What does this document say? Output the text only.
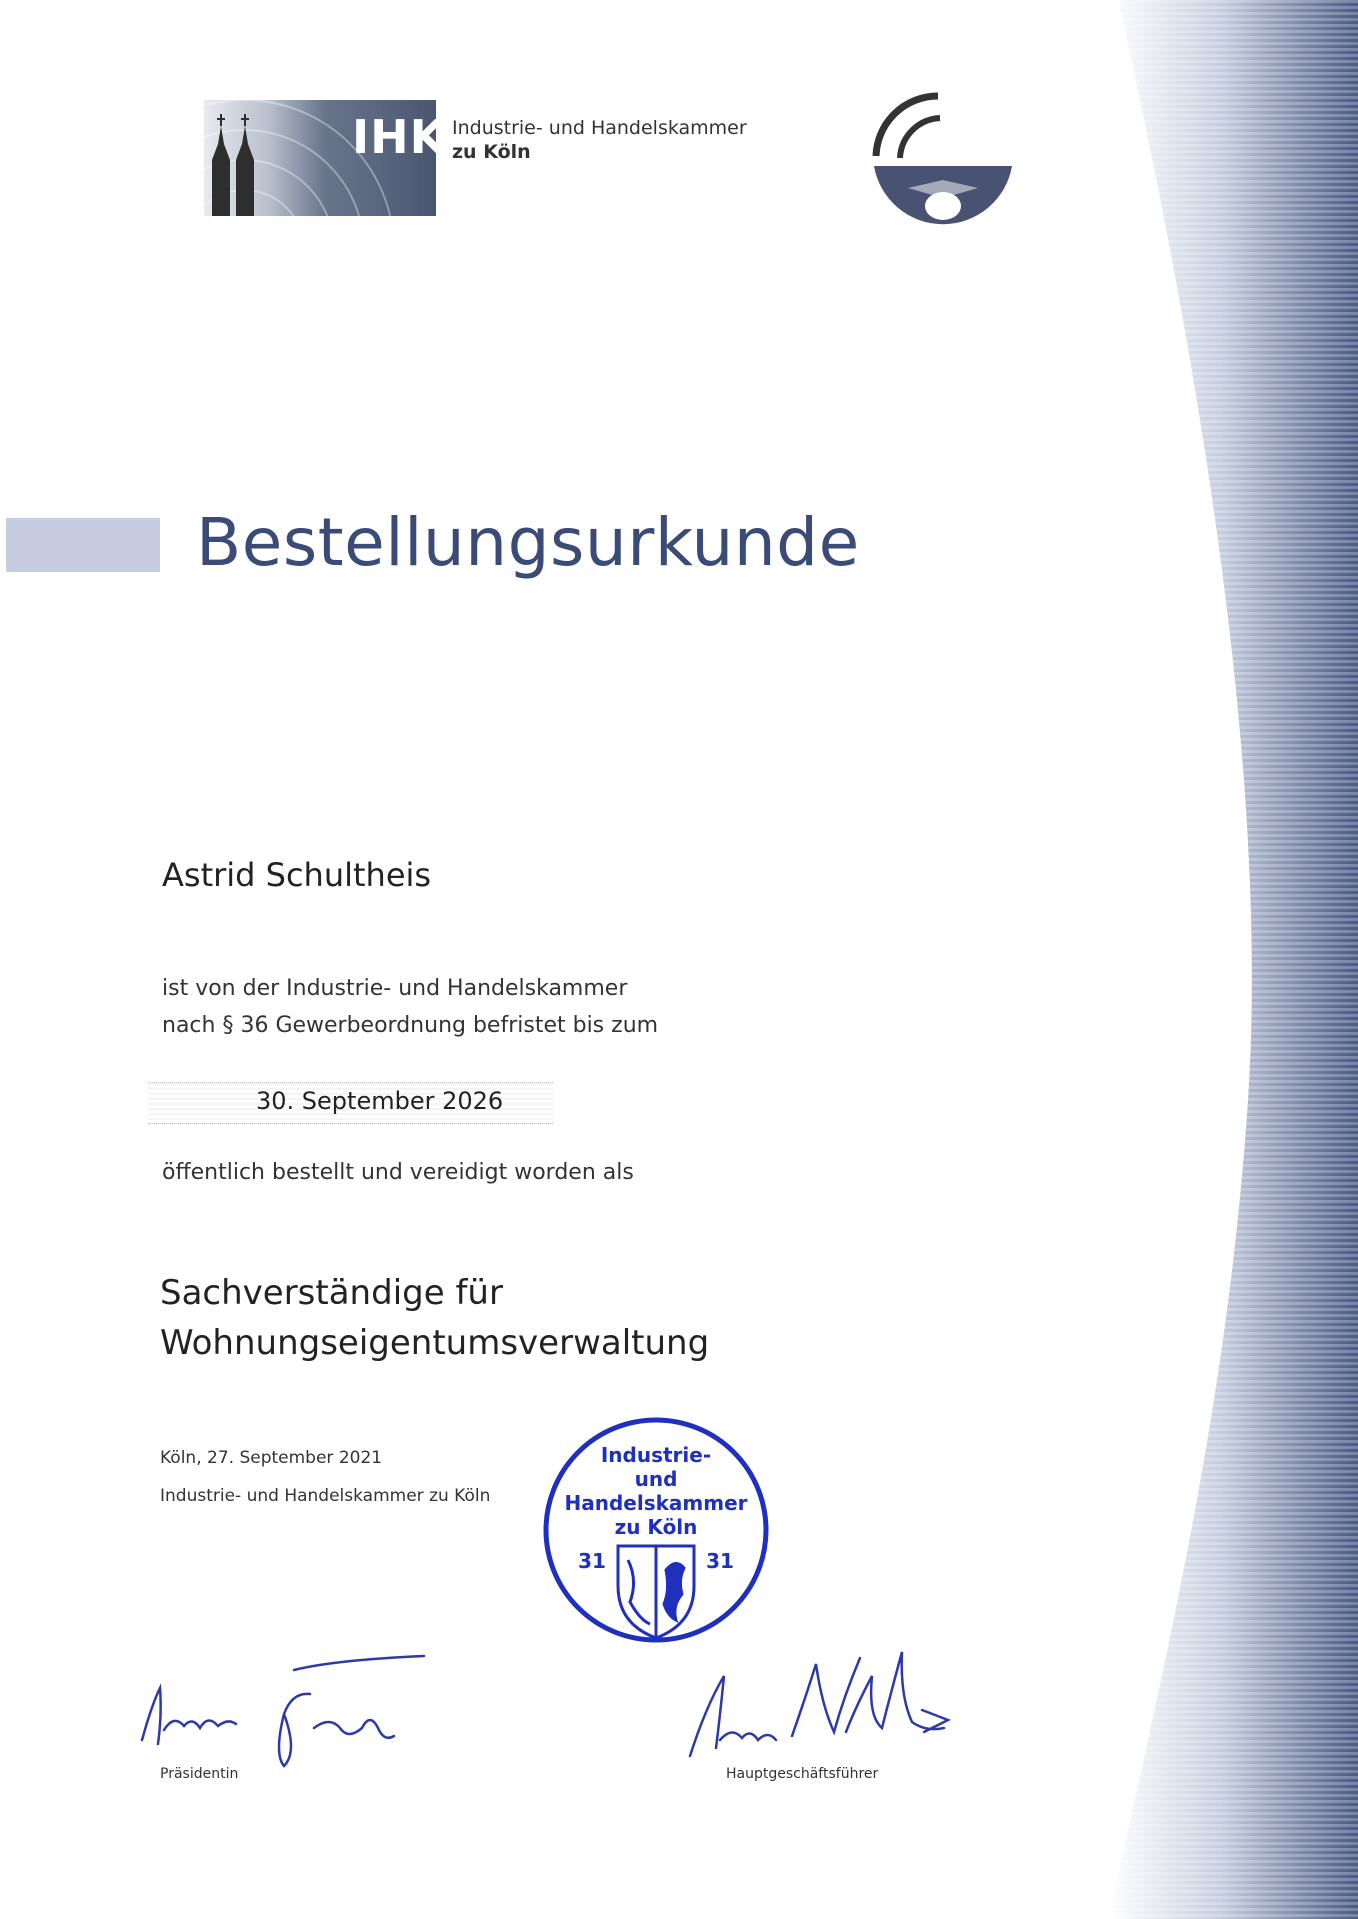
IHK Industrie- und Handelskammer
zu Köln
Bestellungsurkunde
Astrid Schultheis
ist von der Industrie- und Handelskammer
nach § 36 Gewerbeordnung befristet bis zum
30. September 2026
öffentlich bestellt und vereidigt worden als
Sachverständige für
Wohnungseigentumsverwaltung
Köln, 27. September 2021
Industrie- und Handelskammer zu Köln
Industrie-
und
Handelskammer
zu Köln
31	31
Präsidentin	Hauptgeschäftsführer
